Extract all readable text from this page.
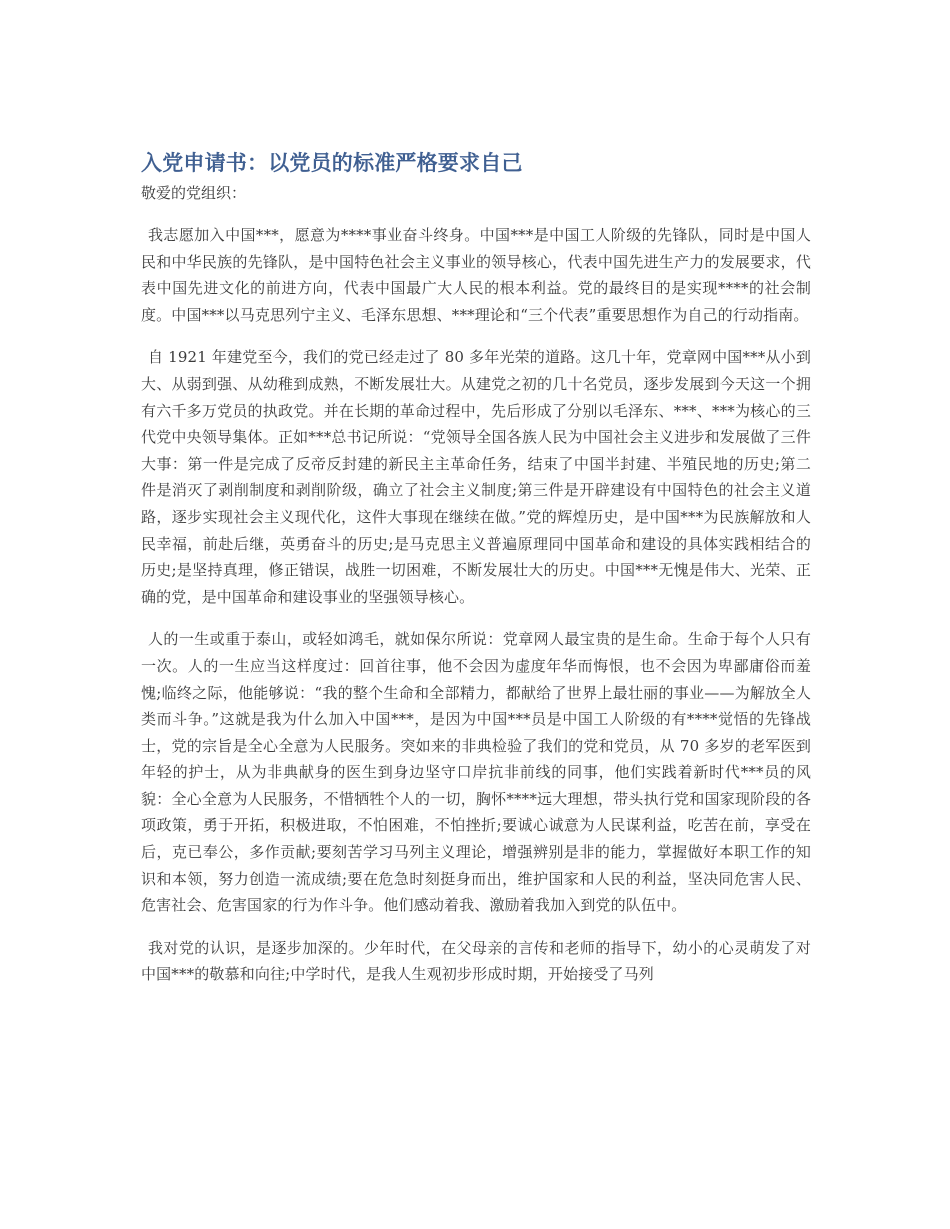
入党申请书：以党员的标准严格要求自己

敬爱的党组织：

我志愿加入中国***，愿意为****事业奋斗终身。中国***是中国工人阶级的先锋队，同时是中国人民和中华民族的先锋队，是中国特色社会主义事业的领导核心，代表中国先进生产力的发展要求，代表中国先进文化的前进方向，代表中国最广大人民的根本利益。党的最终目的是实现****的社会制度。中国***以马克思列宁主义、毛泽东思想、***理论和“三个代表”重要思想作为自己的行动指南。

自 1921 年建党至今，我们的党已经走过了 80 多年光荣的道路。这几十年，党章网中国***从小到大、从弱到强、从幼稚到成熟，不断发展壮大。从建党之初的几十名党员，逐步发展到今天这一个拥有六千多万党员的执政党。并在长期的革命过程中，先后形成了分别以毛泽东、***、***为核心的三代党中央领导集体。正如***总书记所说：“党领导全国各族人民为中国社会主义进步和发展做了三件大事：第一件是完成了反帝反封建的新民主主革命任务，结束了中国半封建、半殖民地的历史;第二件是消灭了剥削制度和剥削阶级，确立了社会主义制度;第三件是开辟建设有中国特色的社会主义道路，逐步实现社会主义现代化，这件大事现在继续在做。”党的辉煌历史，是中国***为民族解放和人民幸福，前赴后继，英勇奋斗的历史;是马克思主义普遍原理同中国革命和建设的具体实践相结合的历史;是坚持真理，修正错误，战胜一切困难，不断发展壮大的历史。中国***无愧是伟大、光荣、正确的党，是中国革命和建设事业的坚强领导核心。

人的一生或重于泰山，或轻如鸿毛，就如保尔所说：党章网人最宝贵的是生命。生命于每个人只有一次。人的一生应当这样度过：回首往事，他不会因为虚度年华而悔恨，也不会因为卑鄙庸俗而羞愧;临终之际，他能够说：“我的整个生命和全部精力，都献给了世界上最壮丽的事业——为解放全人类而斗争。”这就是我为什么加入中国***，是因为中国***员是中国工人阶级的有****觉悟的先锋战士，党的宗旨是全心全意为人民服务。突如来的非典检验了我们的党和党员，从 70 多岁的老军医到年轻的护士，从为非典献身的医生到身边坚守口岸抗非前线的同事，他们实践着新时代***员的风貌：全心全意为人民服务，不惜牺牲个人的一切，胸怀****远大理想，带头执行党和国家现阶段的各项政策，勇于开拓，积极进取，不怕困难，不怕挫折;要诚心诚意为人民谋利益，吃苦在前，享受在后，克已奉公，多作贡献;要刻苦学习马列主义理论，增强辨别是非的能力，掌握做好本职工作的知识和本领，努力创造一流成绩;要在危急时刻挺身而出，维护国家和人民的利益，坚决同危害人民、危害社会、危害国家的行为作斗争。他们感动着我、激励着我加入到党的队伍中。

我对党的认识，是逐步加深的。少年时代，在父母亲的言传和老师的指导下，幼小的心灵萌发了对中国***的敬慕和向往;中学时代，是我人生观初步形成时期，开始接受了马列
